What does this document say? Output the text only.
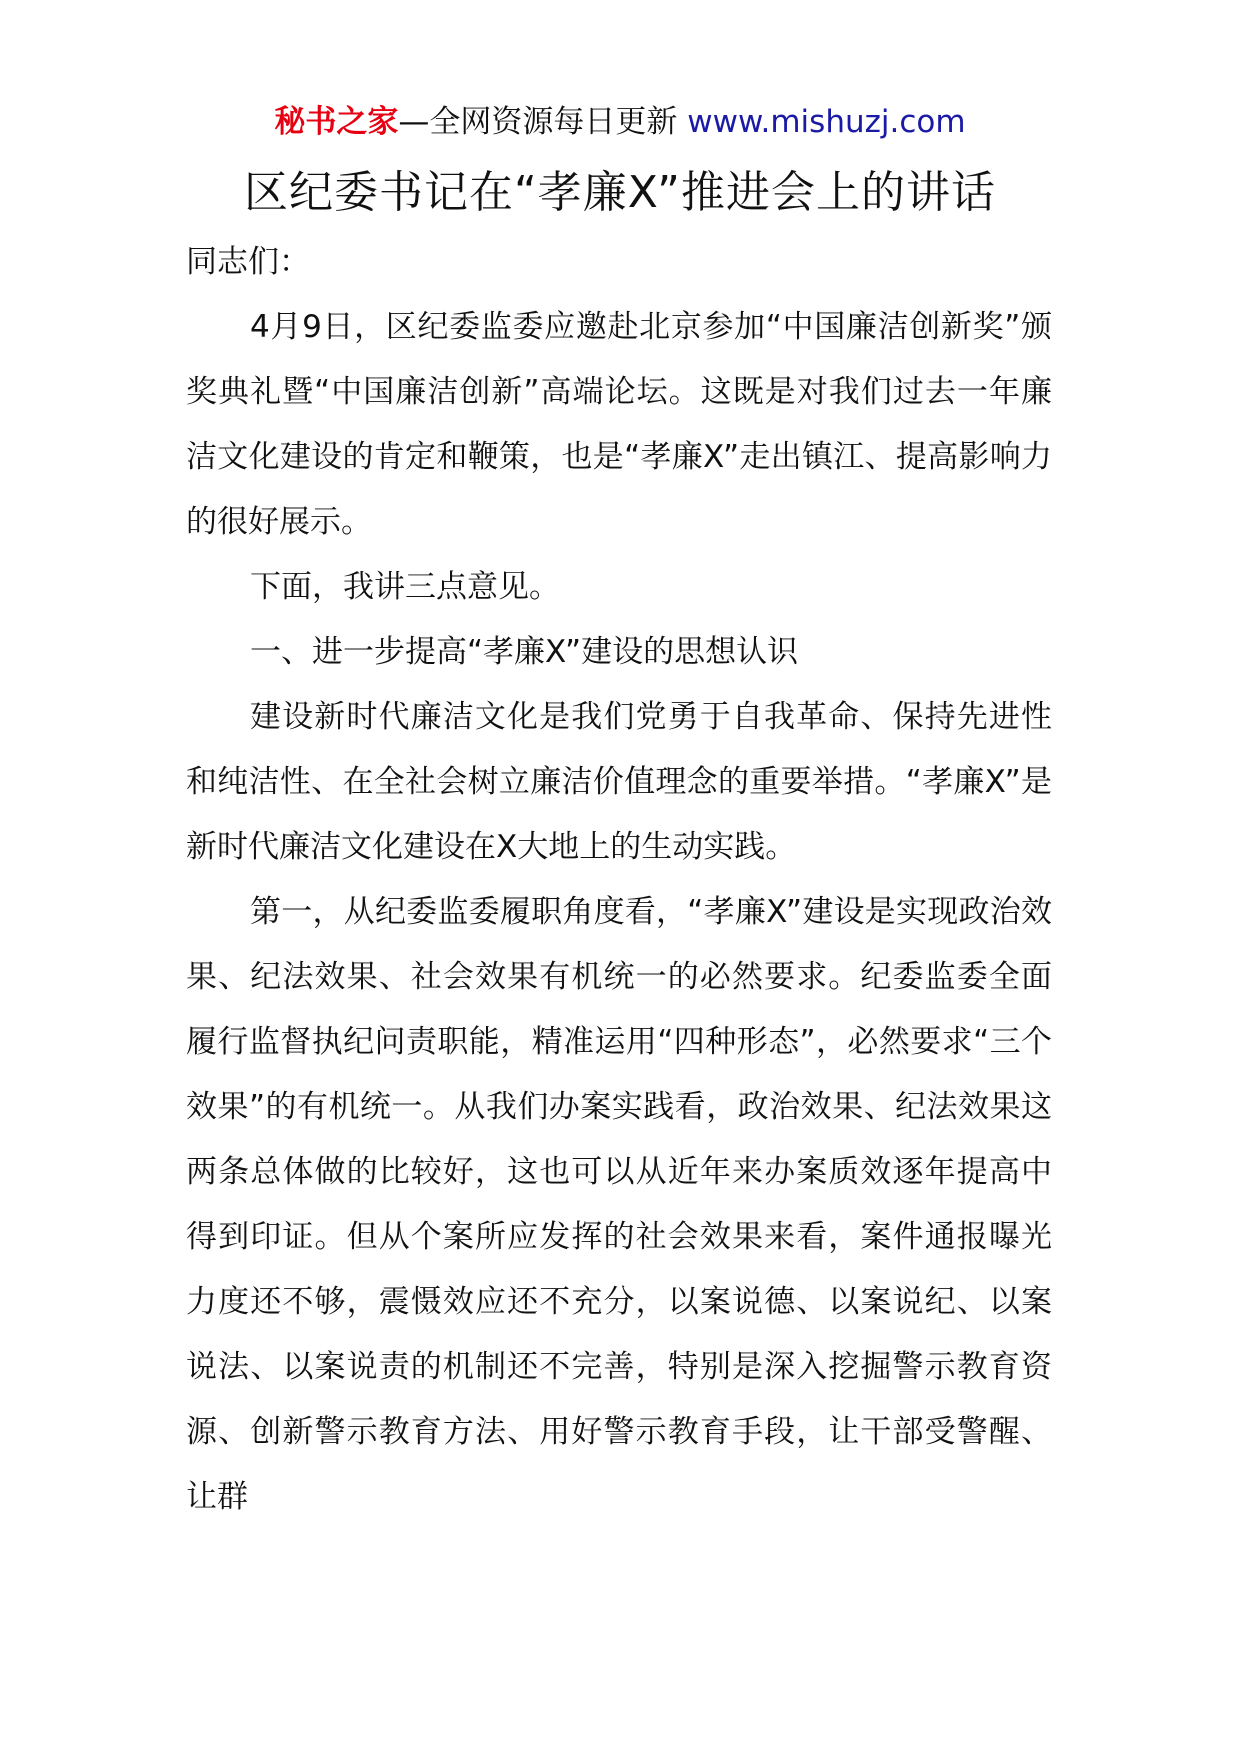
秘书之家—全网资源每日更新 www.mishuzj.com
区纪委书记在“孝廉X”推进会上的讲话

同志们：

4月9日，区纪委监委应邀赴北京参加“中国廉洁创新奖”颁奖典礼暨“中国廉洁创新”高端论坛。这既是对我们过去一年廉洁文化建设的肯定和鞭策，也是“孝廉X”走出镇江、提高影响力的很好展示。

下面，我讲三点意见。

一、进一步提高“孝廉X”建设的思想认识

建设新时代廉洁文化是我们党勇于自我革命、保持先进性和纯洁性、在全社会树立廉洁价值理念的重要举措。“孝廉X”是新时代廉洁文化建设在X大地上的生动实践。

第一，从纪委监委履职角度看，“孝廉X”建设是实现政治效果、纪法效果、社会效果有机统一的必然要求。纪委监委全面履行监督执纪问责职能，精准运用“四种形态”，必然要求“三个效果”的有机统一。从我们办案实践看，政治效果、纪法效果这两条总体做的比较好，这也可以从近年来办案质效逐年提高中得到印证。但从个案所应发挥的社会效果来看，案件通报曝光力度还不够，震慑效应还不充分，以案说德、以案说纪、以案说法、以案说责的机制还不完善，特别是深入挖掘警示教育资源、创新警示教育方法、用好警示教育手段，让干部受警醒、让群
